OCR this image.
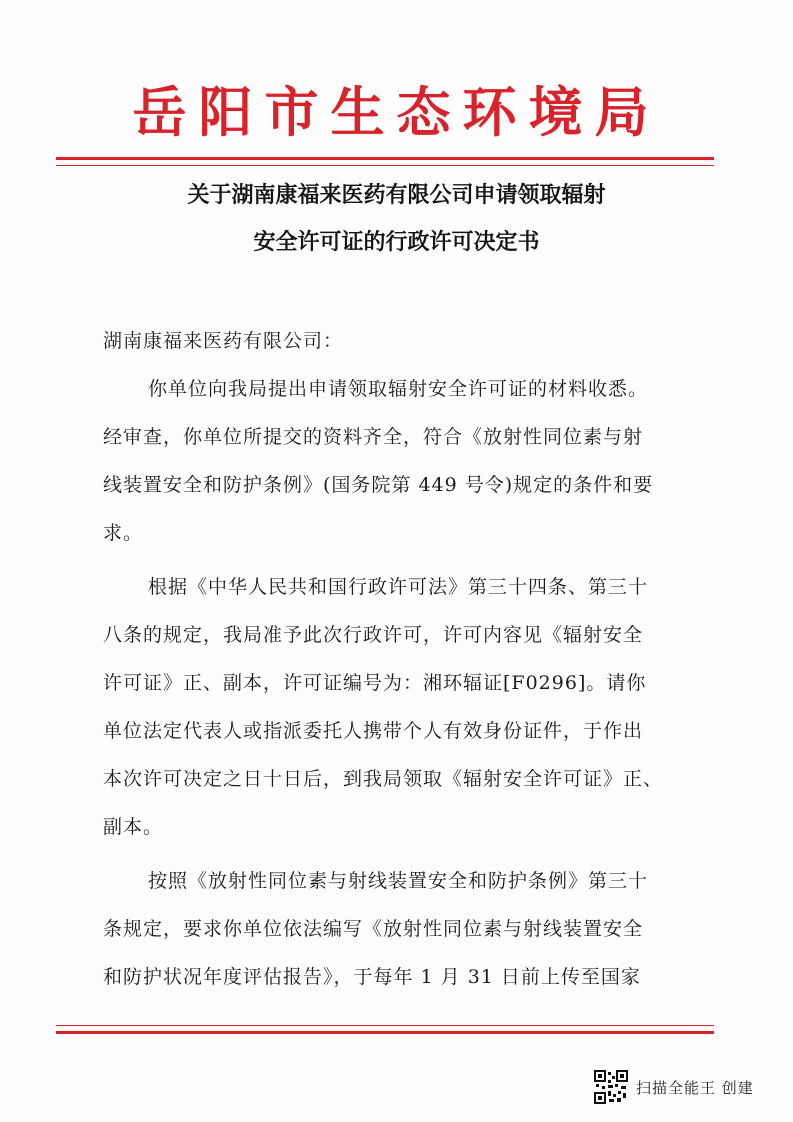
岳阳市生态环境局
关于湖南康福来医药有限公司申请领取辐射
安全许可证的行政许可决定书
湖南康福来医药有限公司：
你单位向我局提出申请领取辐射安全许可证的材料收悉。
经审查，你单位所提交的资料齐全，符合《放射性同位素与射
线装置安全和防护条例》(国务院第 449 号令)规定的条件和要
求。
根据《中华人民共和国行政许可法》第三十四条、第三十
八条的规定，我局准予此次行政许可，许可内容见《辐射安全
许可证》正、副本，许可证编号为：湘环辐证[F0296]。请你
单位法定代表人或指派委托人携带个人有效身份证件，于作出
本次许可决定之日十日后，到我局领取《辐射安全许可证》正、
副本。
按照《放射性同位素与射线装置安全和防护条例》第三十
条规定，要求你单位依法编写《放射性同位素与射线装置安全
和防护状况年度评估报告》，于每年 1 月 31 日前上传至国家
扫描全能王 创建
